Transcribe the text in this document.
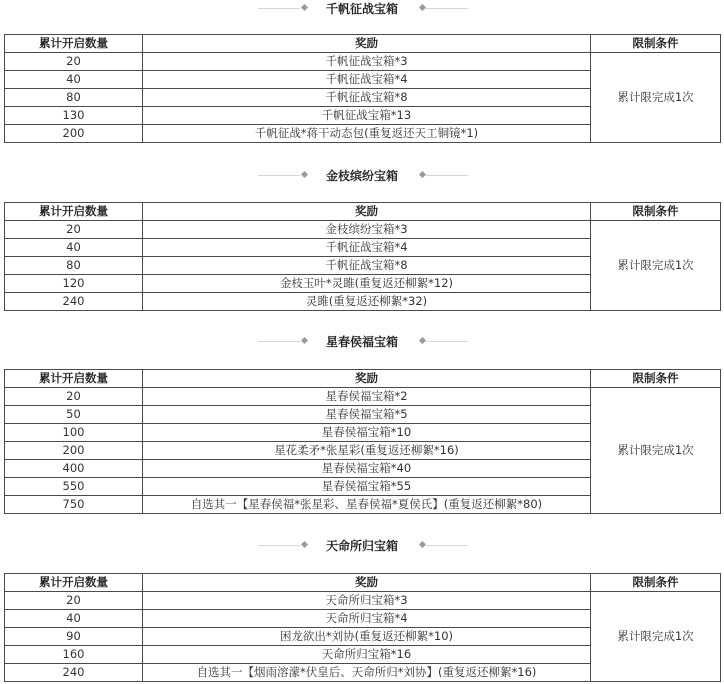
千帆征战宝箱
累计开启数量	奖励	限制条件
20	千帆征战宝箱*3	累计限完成1次
40	千帆征战宝箱*4	
80	千帆征战宝箱*8	
130	千帆征战宝箱*13	
200	千帆征战*蒋干动态包(重复返还天工铜镜*1)	
金枝缤纷宝箱
累计开启数量	奖励	限制条件
20	金枝缤纷宝箱*3	累计限完成1次
40	千帆征战宝箱*4	
80	千帆征战宝箱*8	
120	金枝玉叶*灵雎(重复返还柳絮*12)	
240	灵雎(重复返还柳絮*32)	
星春侯福宝箱
累计开启数量	奖励	限制条件
20	星春侯福宝箱*2	累计限完成1次
50	星春侯福宝箱*5	
100	星春侯福宝箱*10	
200	星花柔矛*张星彩(重复返还柳絮*16)	
400	星春侯福宝箱*40	
550	星春侯福宝箱*55	
750	自选其一【星春侯福*张星彩、星春侯福*夏侯氏】(重复返还柳絮*80)	
天命所归宝箱
累计开启数量	奖励	限制条件
20	天命所归宝箱*3	累计限完成1次
40	天命所归宝箱*4	
90	困龙欲出*刘协(重复返还柳絮*10)	
160	天命所归宝箱*16	
240	自选其一【烟雨溶濛*伏皇后、天命所归*刘协】(重复返还柳絮*16)	
